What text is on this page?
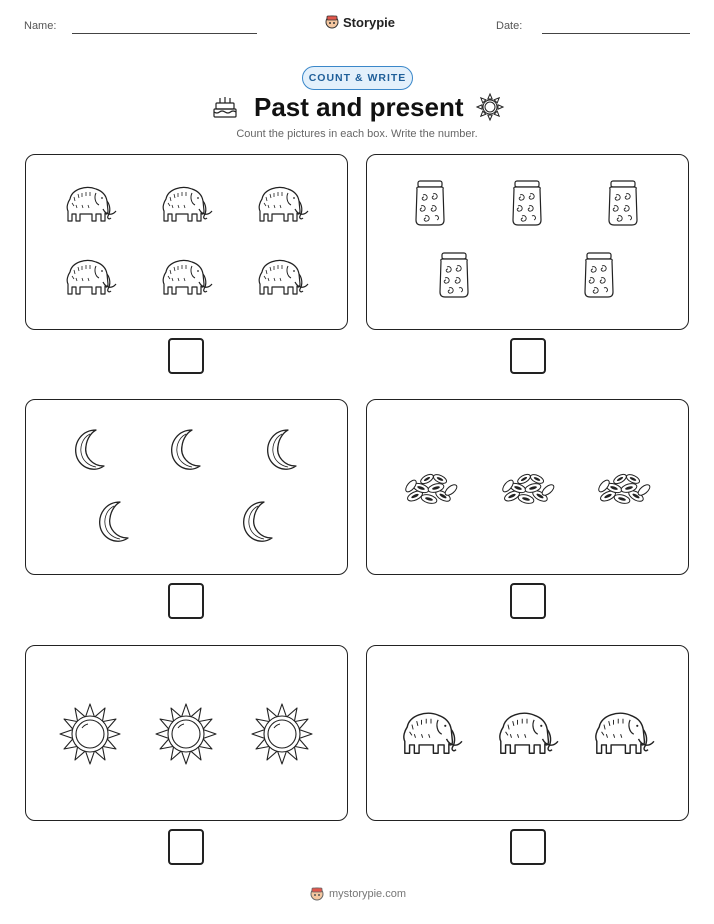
Name:	Storypie	Date:
COUNT & WRITE
Past and present
Count the pictures in each box. Write the number.
mystorypie.com
